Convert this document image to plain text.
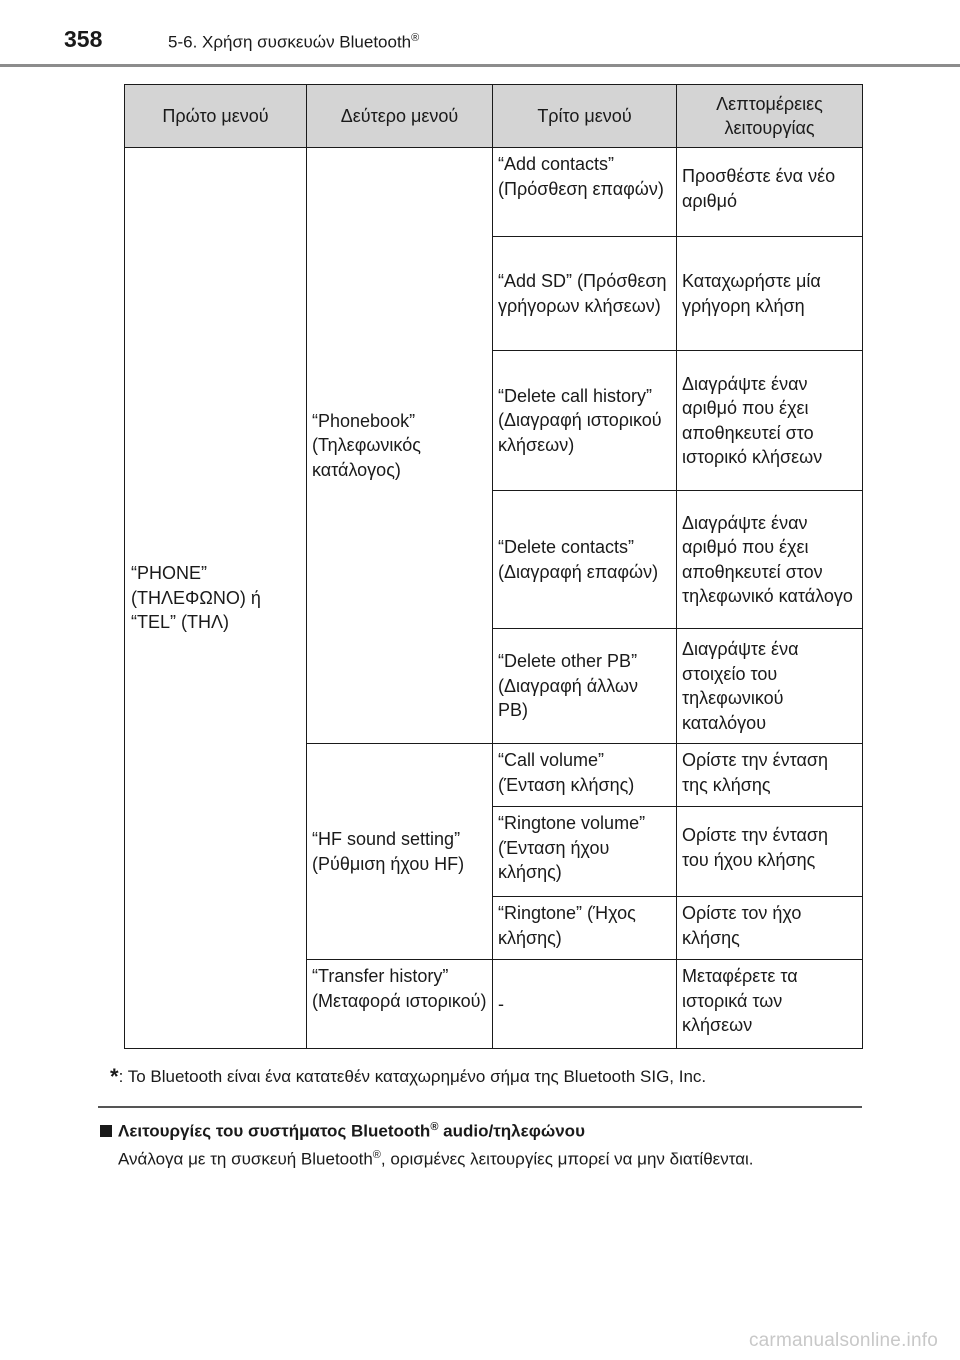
358	5-6. Χρήση συσκευών Bluetooth®
Πρώτο μενού	Δεύτερο μενού	Τρίτο μενού	Λεπτομέρειες λειτουργίας
“PHONE” (ΤΗΛΕΦΩΝΟ) ή “TEL” (ΤΗΛ)	“Phonebook” (Τηλεφωνικός κατάλογος)	“Add contacts” (Πρόσθεση επαφών)	Προσθέστε ένα νέο αριθμό
		“Add SD” (Πρόσθεση γρήγορων κλήσεων)	Καταχωρήστε μία γρήγορη κλήση
		“Delete call history” (Διαγραφή ιστορικού κλήσεων)	Διαγράψτε έναν αριθμό που έχει αποθηκευτεί στο ιστορικό κλήσεων
		“Delete contacts” (Διαγραφή επαφών)	Διαγράψτε έναν αριθμό που έχει αποθηκευτεί στον τηλεφωνικό κατάλογο
		“Delete other PB” (Διαγραφή άλλων PB)	Διαγράψτε ένα στοιχείο του τηλεφωνικού καταλόγου
	“HF sound setting” (Ρύθμιση ήχου HF)	“Call volume” (Ένταση κλήσης)	Ορίστε την ένταση της κλήσης
		“Ringtone volume” (Ένταση ήχου κλήσης)	Ορίστε την ένταση του ήχου κλήσης
		“Ringtone” (Ήχος κλήσης)	Ορίστε τον ήχο κλήσης
	“Transfer history” (Μεταφορά ιστορικού)	-	Μεταφέρετε τα ιστορικά των κλήσεων
*: Το Bluetooth είναι ένα κατατεθέν καταχωρημένο σήμα της Bluetooth SIG, Inc.
Λειτουργίες του συστήματος Bluetooth® audio/τηλεφώνου
Ανάλογα με τη συσκευή Bluetooth®, ορισμένες λειτουργίες μπορεί να μην διατίθενται.
carmanualsonline.info
